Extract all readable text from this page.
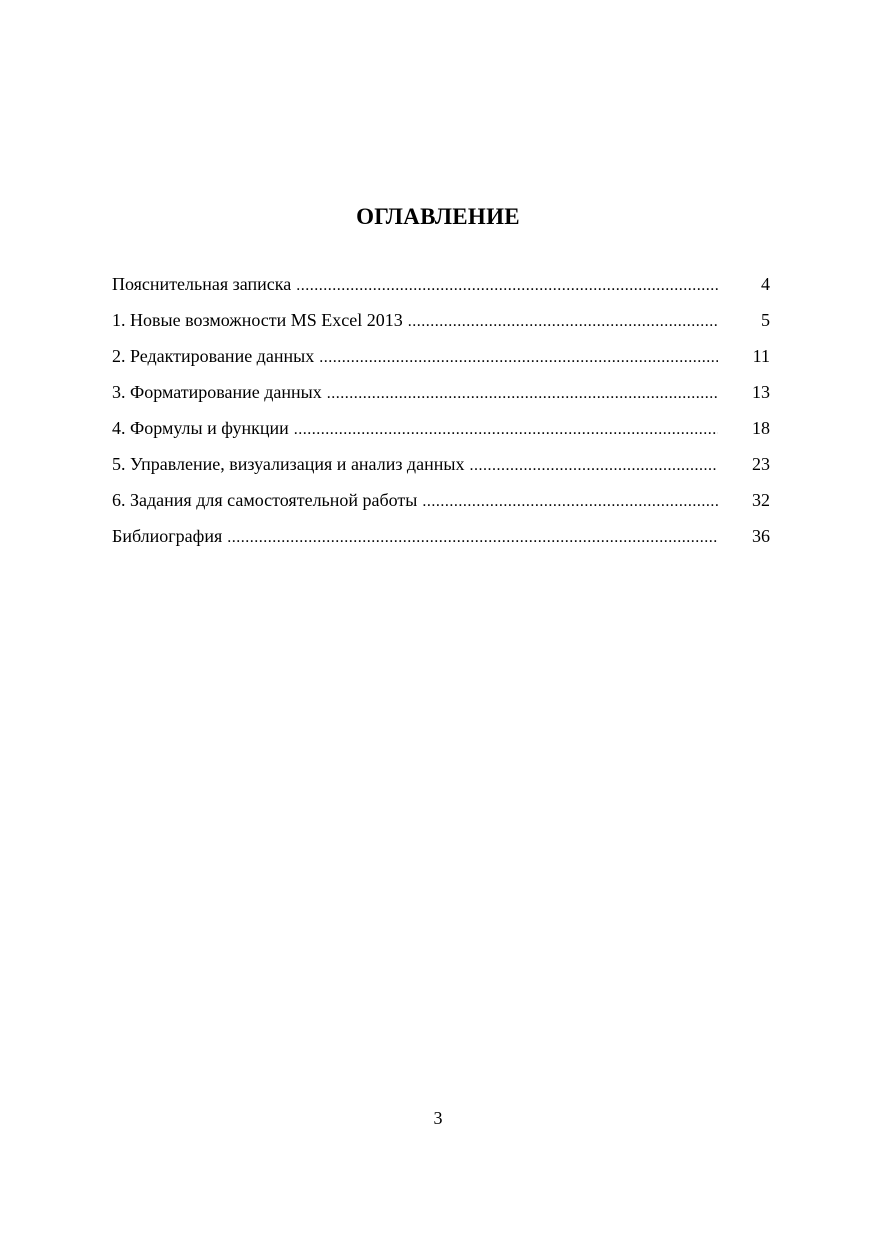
ОГЛАВЛЕНИЕ
Пояснительная записка .....	4
1. Новые возможности MS Excel 2013 .....	5
2. Редактирование данных .....	11
3. Форматирование данных .....	13
4. Формулы и функции .....	18
5. Управление, визуализация и анализ данных .....	23
6. Задания для самостоятельной работы .....	32
Библиография .....	36
3
